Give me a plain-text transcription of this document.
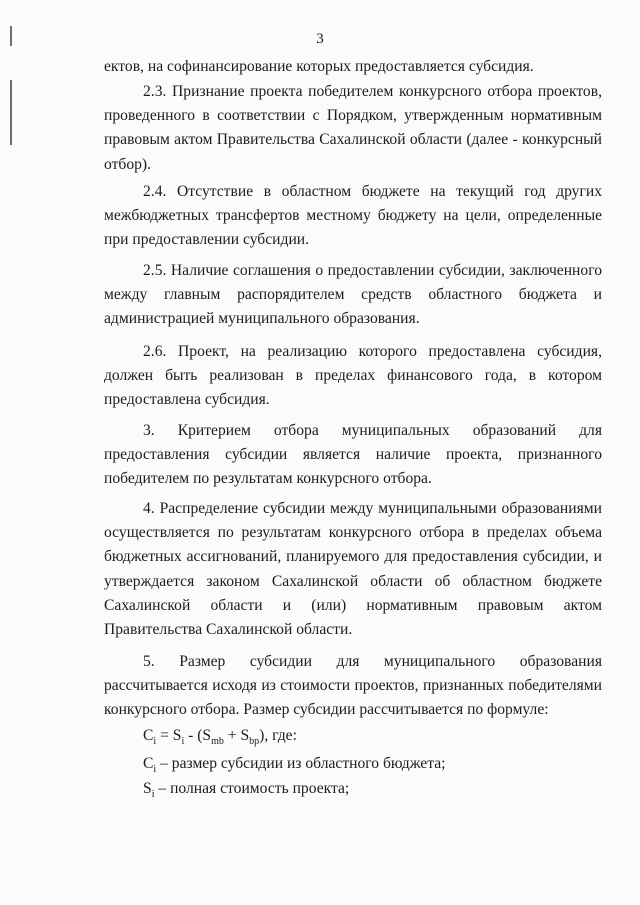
3
ектов, на софинансирование которых предоставляется субсидия.
2.3. Признание проекта победителем конкурсного отбора проектов, проведенного в соответствии с Порядком, утвержденным нормативным правовым актом Правительства Сахалинской области (далее - конкурсный отбор).
2.4. Отсутствие в областном бюджете на текущий год других межбюджетных трансфертов местному бюджету на цели, определенные при предоставлении субсидии.
2.5. Наличие соглашения о предоставлении субсидии, заключенного между главным распорядителем средств областного бюджета и администрацией муниципального образования.
2.6. Проект, на реализацию которого предоставлена субсидия, должен быть реализован в пределах финансового года, в котором предоставлена субсидия.
3. Критерием отбора муниципальных образований для предоставления субсидии является наличие проекта, признанного победителем по результатам конкурсного отбора.
4. Распределение субсидии между муниципальными образованиями осуществляется по результатам конкурсного отбора в пределах объема бюджетных ассигнований, планируемого для предоставления субсидии, и утверждается законом Сахалинской области об областном бюджете Сахалинской области и (или) нормативным правовым актом Правительства Сахалинской области.
5. Размер субсидии для муниципального образования рассчитывается исходя из стоимости проектов, признанных победителями конкурсного отбора. Размер субсидии рассчитывается по формуле:
$C_i = S_i - (S_{mb} + S_{bp})$, где:
$C_i$ – размер субсидии из областного бюджета;
$S_i$ – полная стоимость проекта;
